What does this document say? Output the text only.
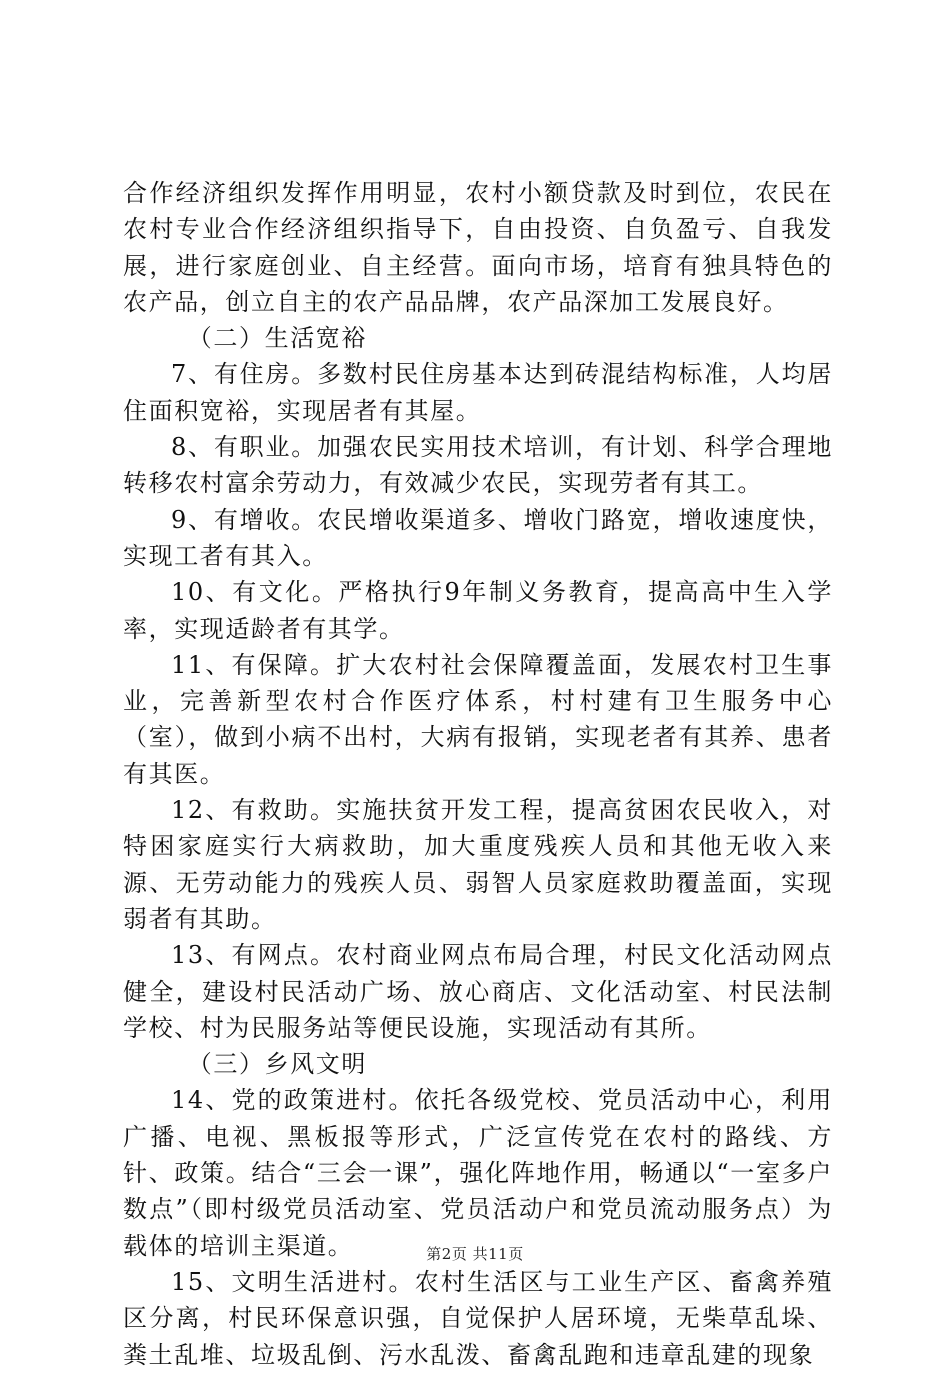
合作经济组织发挥作用明显，农村小额贷款及时到位，农民在农村专业合作经济组织指导下，自由投资、自负盈亏、自我发展，进行家庭创业、自主经营。面向市场，培育有独具特色的农产品，创立自主的农产品品牌，农产品深加工发展良好。

（二）生活宽裕

7、有住房。多数村民住房基本达到砖混结构标准，人均居住面积宽裕，实现居者有其屋。

8、有职业。加强农民实用技术培训，有计划、科学合理地转移农村富余劳动力，有效减少农民，实现劳者有其工。

9、有增收。农民增收渠道多、增收门路宽，增收速度快，实现工者有其入。

10、有文化。严格执行9年制义务教育，提高高中生入学率，实现适龄者有其学。

11、有保障。扩大农村社会保障覆盖面，发展农村卫生事业，完善新型农村合作医疗体系，村村建有卫生服务中心（室），做到小病不出村，大病有报销，实现老者有其养、患者有其医。

12、有救助。实施扶贫开发工程，提高贫困农民收入，对特困家庭实行大病救助，加大重度残疾人员和其他无收入来源、无劳动能力的残疾人员、弱智人员家庭救助覆盖面，实现弱者有其助。

13、有网点。农村商业网点布局合理，村民文化活动网点健全，建设村民活动广场、放心商店、文化活动室、村民法制学校、村为民服务站等便民设施，实现活动有其所。

（三）乡风文明

14、党的政策进村。依托各级党校、党员活动中心，利用广播、电视、黑板报等形式，广泛宣传党在农村的路线、方针、政策。结合“三会一课”，强化阵地作用，畅通以“一室多户数点”（即村级党员活动室、党员活动户和党员流动服务点）为载体的培训主渠道。

15、文明生活进村。农村生活区与工业生产区、畜禽养殖区分离，村民环保意识强，自觉保护人居环境，无柴草乱垛、粪土乱堆、垃圾乱倒、污水乱泼、畜禽乱跑和违章乱建的现象

第2页 共11页
